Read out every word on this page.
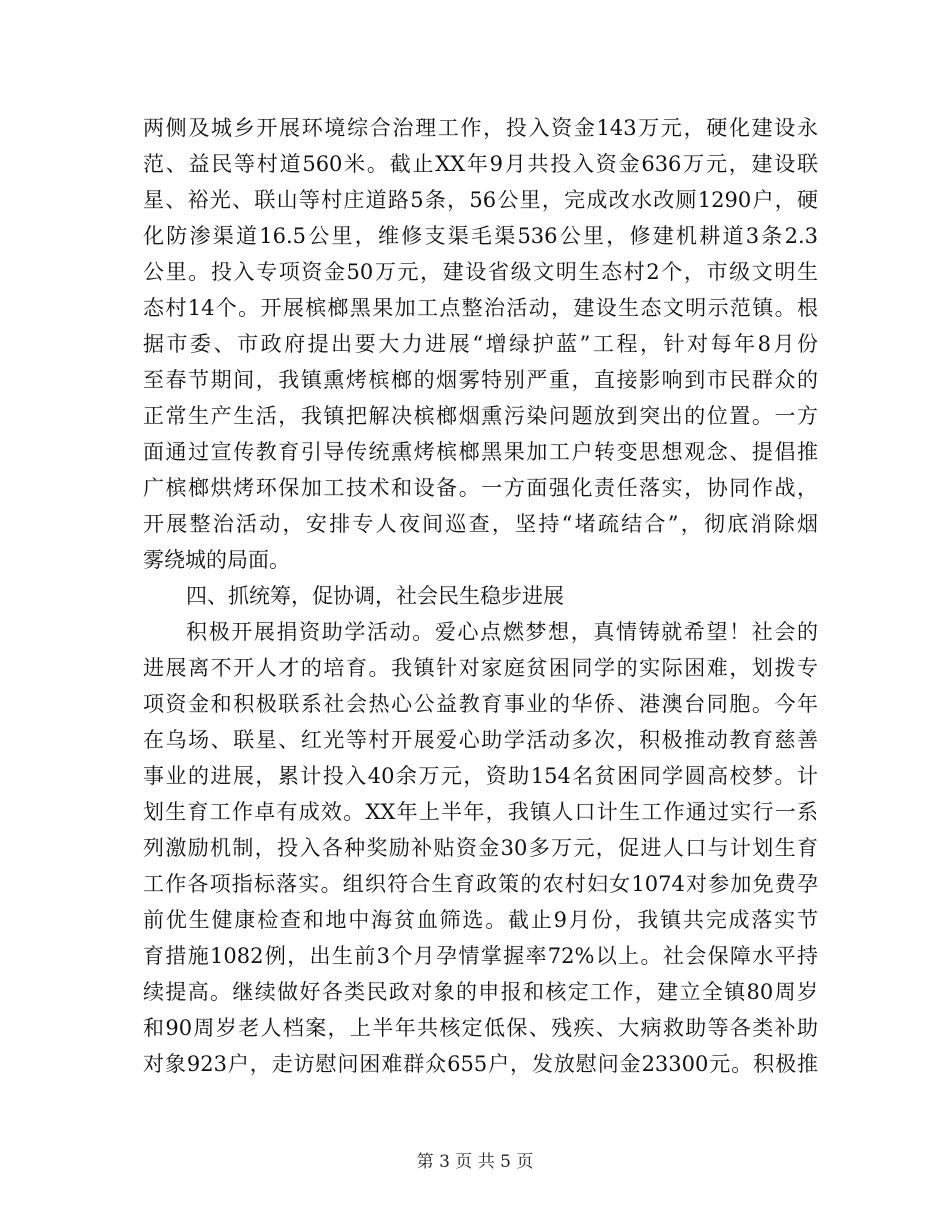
两侧及城乡开展环境综合治理工作，投入资金143万元，硬化建设永
范、益民等村道560米。截止XX年9月共投入资金636万元，建设联
星、裕光、联山等村庄道路5条，56公里，完成改水改厕1290户，硬
化防渗渠道16.5公里，维修支渠毛渠536公里，修建机耕道3条2.3
公里。投入专项资金50万元，建设省级文明生态村2个，市级文明生
态村14个。开展槟榔黑果加工点整治活动，建设生态文明示范镇。根
据市委、市政府提出要大力进展“增绿护蓝”工程，针对每年8月份
至春节期间，我镇熏烤槟榔的烟雾特别严重，直接影响到市民群众的
正常生产生活，我镇把解决槟榔烟熏污染问题放到突出的位置。一方
面通过宣传教育引导传统熏烤槟榔黑果加工户转变思想观念、提倡推
广槟榔烘烤环保加工技术和设备。一方面强化责任落实，协同作战，
开展整治活动，安排专人夜间巡查，坚持“堵疏结合”，彻底消除烟
雾绕城的局面。
四、抓统筹，促协调，社会民生稳步进展
积极开展捐资助学活动。爱心点燃梦想，真情铸就希望！社会的
进展离不开人才的培育。我镇针对家庭贫困同学的实际困难，划拨专
项资金和积极联系社会热心公益教育事业的华侨、港澳台同胞。今年
在乌场、联星、红光等村开展爱心助学活动多次，积极推动教育慈善
事业的进展，累计投入40余万元，资助154名贫困同学圆高校梦。计
划生育工作卓有成效。XX年上半年，我镇人口计生工作通过实行一系
列激励机制，投入各种奖励补贴资金30多万元，促进人口与计划生育
工作各项指标落实。组织符合生育政策的农村妇女1074对参加免费孕
前优生健康检查和地中海贫血筛选。截止9月份，我镇共完成落实节
育措施1082例，出生前3个月孕情掌握率72%以上。社会保障水平持
续提高。继续做好各类民政对象的申报和核定工作，建立全镇80周岁
和90周岁老人档案，上半年共核定低保、残疾、大病救助等各类补助
对象923户，走访慰问困难群众655户，发放慰问金23300元。积极推
第 3 页 共 5 页
